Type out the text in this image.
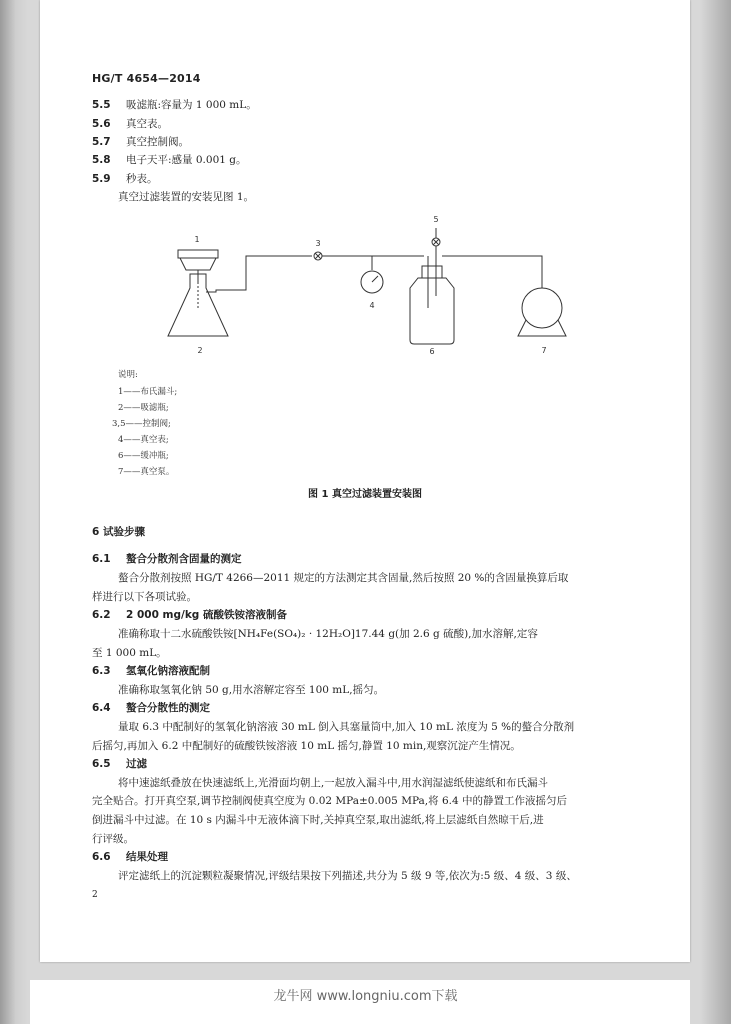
HG/T 4654—2014
5.5 吸滤瓶:容量为 1 000 mL。
5.6 真空表。
5.7 真空控制阀。
5.8 电子天平:感量 0.001 g。
5.9 秒表。
真空过滤装置的安装见图 1。
1
2
3
4
5
6	7
说明:
1——布氏漏斗;
2——吸滤瓶;
3,5——控制阀;
4——真空表;
6——缓冲瓶;
7——真空泵。
图 1 真空过滤装置安装图
6 试验步骤
6.1 螯合分散剂含固量的测定
螯合分散剂按照 HG/T 4266—2011 规定的方法测定其含固量,然后按照 20 %的含固量换算后取
样进行以下各项试验。
6.2 2 000 mg/kg 硫酸铁铵溶液制备
准确称取十二水硫酸铁铵[NH₄Fe(SO₄)₂ · 12H₂O]17.44 g(加 2.6 g 硫酸),加水溶解,定容
至 1 000 mL。
6.3 氢氧化钠溶液配制
准确称取氢氧化钠 50 g,用水溶解定容至 100 mL,摇匀。
6.4 螯合分散性的测定
量取 6.3 中配制好的氢氧化钠溶液 30 mL 倒入具塞量筒中,加入 10 mL 浓度为 5 %的螯合分散剂
后摇匀,再加入 6.2 中配制好的硫酸铁铵溶液 10 mL 摇匀,静置 10 min,观察沉淀产生情况。
6.5 过滤
将中速滤纸叠放在快速滤纸上,光滑面均朝上,一起放入漏斗中,用水润湿滤纸使滤纸和布氏漏斗
完全贴合。打开真空泵,调节控制阀使真空度为 0.02 MPa±0.005 MPa,将 6.4 中的静置工作液摇匀后
倒进漏斗中过滤。在 10 s 内漏斗中无液体滴下时,关掉真空泵,取出滤纸,将上层滤纸自然晾干后,进
行评级。
6.6 结果处理
评定滤纸上的沉淀颗粒凝聚情况,评级结果按下列描述,共分为 5 级 9 等,依次为:5 级、4 级、3 级、
2
龙牛网 www.longniu.com下载
